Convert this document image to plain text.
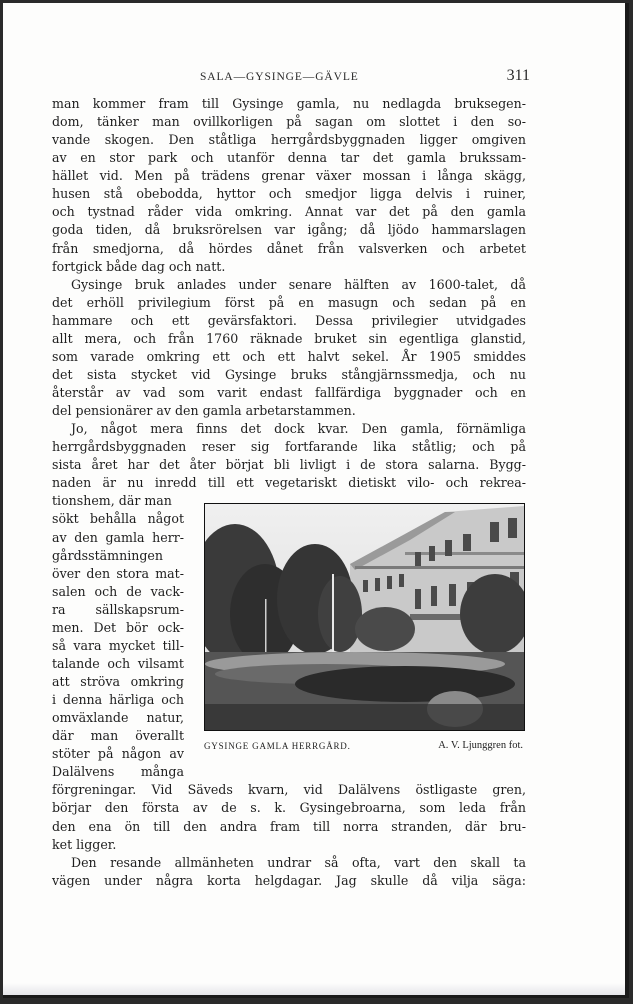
SALA—GYSINGE—GÄVLE	311
man kommer fram till Gysinge gamla, nu nedlagda bruksegen-
dom, tänker man ovillkorligen på sagan om slottet i den so-
vande skogen. Den ståtliga herrgårdsbyggnaden ligger omgiven
av en stor park och utanför denna tar det gamla brukssam-
hället vid. Men på trädens grenar växer mossan i långa skägg,
husen stå obebodda, hyttor och smedjor ligga delvis i ruiner,
och tystnad råder vida omkring. Annat var det på den gamla
goda tiden, då bruksrörelsen var igång; då ljödo hammarslagen
från smedjorna, då hördes dånet från valsverken och arbetet
fortgick både dag och natt.
Gysinge bruk anlades under senare hälften av 1600-talet, då
det erhöll privilegium först på en masugn och sedan på en
hammare och ett gevärsfaktori. Dessa privilegier utvidgades
allt mera, och från 1760 räknade bruket sin egentliga glanstid,
som varade omkring ett och ett halvt sekel. År 1905 smiddes
det sista stycket vid Gysinge bruks stångjärnssmedja, och nu
återstår av vad som varit endast fallfärdiga byggnader och en
del pensionärer av den gamla arbetarstammen.
Jo, något mera finns det dock kvar. Den gamla, förnämliga
herrgårdsbyggnaden reser sig fortfarande lika ståtlig; och på
sista året har det åter börjat bli livligt i de stora salarna. Bygg-
naden är nu inredd till ett vegetariskt dietiskt vilo- och rekrea-
tionshem, där man
sökt behålla något
av den gamla herr-
gårdsstämningen
över den stora mat-
salen och de vack-
ra sällskapsrum-
men. Det bör ock-
så vara mycket till-
talande och vilsamt
att ströva omkring
i denna härliga och
omväxlande natur,
där man överallt
stöter på någon av
Dalälvens många
förgreningar. Vid Säveds kvarn, vid Dalälvens östligaste gren,
börjar den första av de s. k. Gysingebroarna, som leda från
den ena ön till den andra fram till norra stranden, där bru-
ket ligger.
Den resande allmänheten undrar så ofta, vart den skall ta
vägen under några korta helgdagar. Jag skulle då vilja säga:
GYSINGE GAMLA HERRGÅRD.	A. V. Ljunggren fot.
